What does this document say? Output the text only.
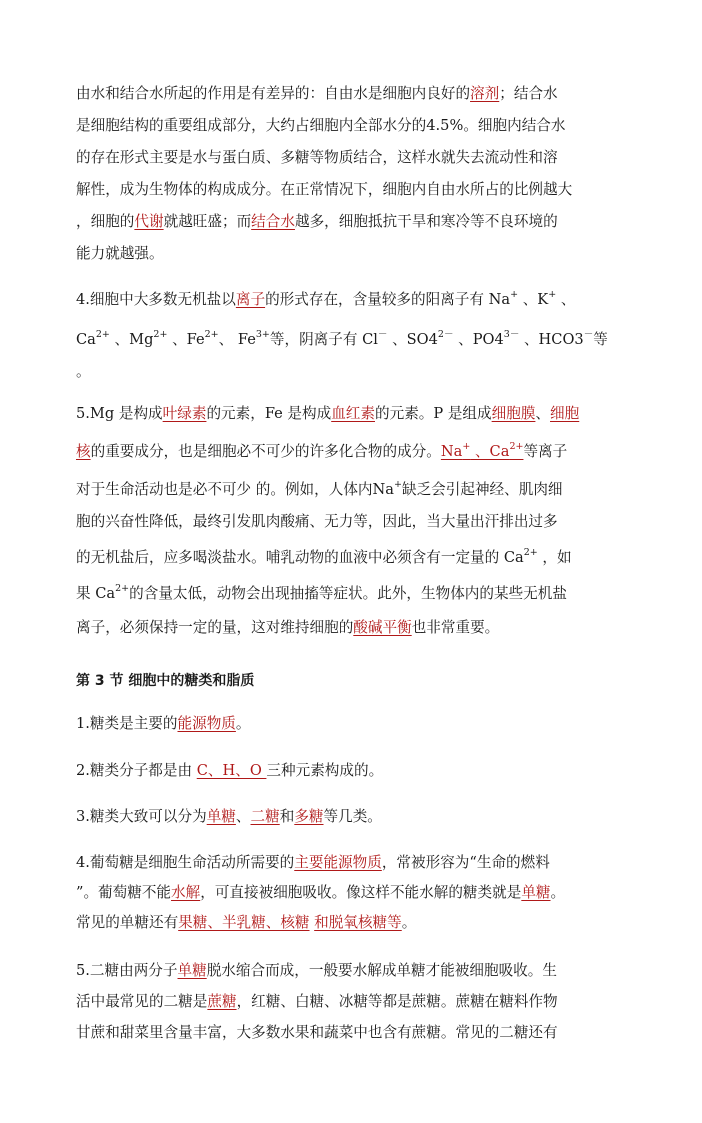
由水和结合水所起的作用是有差异的：自由水是细胞内良好的溶剂；结合水
是细胞结构的重要组成部分，大约占细胞内全部水分的4.5%。细胞内结合水
的存在形式主要是水与蛋白质、多糖等物质结合，这样水就失去流动性和溶
解性，成为生物体的构成成分。在正常情况下，细胞内自由水所占的比例越大
，细胞的代谢就越旺盛；而结合水越多，细胞抵抗干旱和寒冷等不良环境的
能力就越强。
4.细胞中大多数无机盐以离子的形式存在，含量较多的阳离子有 Na+ 、K+ 、
$Ca^{2+}$ 、$Mg^{2+}$ 、$Fe^{2+}$、 $Fe^{3+}$等，阴离子有 Cl－ 、$SO4^{2-}$ 、$PO4^{3-}$ 、HCO3－等
。
5.Mg 是构成叶绿素的元素，Fe 是构成血红素的元素。P 是组成细胞膜、细胞
核的重要成分，也是细胞必不可少的许多化合物的成分。Na+ 、$Ca^{2+}$等离子
对于生命活动也是必不可少 的。例如，人体内Na+缺乏会引起神经、肌肉细
胞的兴奋性降低，最终引发肌肉酸痛、无力等，因此，当大量出汗排出过多
的无机盐后，应多喝淡盐水。哺乳动物的血液中必须含有一定量的 $Ca^{2+}$ ，如
果 $Ca^{2+}$的含量太低，动物会出现抽搐等症状。此外，生物体内的某些无机盐
离子，必须保持一定的量，这对维持细胞的酸碱平衡也非常重要。
第 3 节 细胞中的糖类和脂质
1.糖类是主要的能源物质。
2.糖类分子都是由 C、H、O 三种元素构成的。
3.糖类大致可以分为单糖、二糖和多糖等几类。
4.葡萄糖是细胞生命活动所需要的主要能源物质，常被形容为“生命的燃料
”。葡萄糖不能水解，可直接被细胞吸收。像这样不能水解的糖类就是单糖。
常见的单糖还有果糖、半乳糖、核糖 和脱氧核糖等。
5.二糖由两分子单糖脱水缩合而成，一般要水解成单糖才能被细胞吸收。生
活中最常见的二糖是蔗糖，红糖、白糖、冰糖等都是蔗糖。蔗糖在糖料作物
甘蔗和甜菜里含量丰富，大多数水果和蔬菜中也含有蔗糖。常见的二糖还有
